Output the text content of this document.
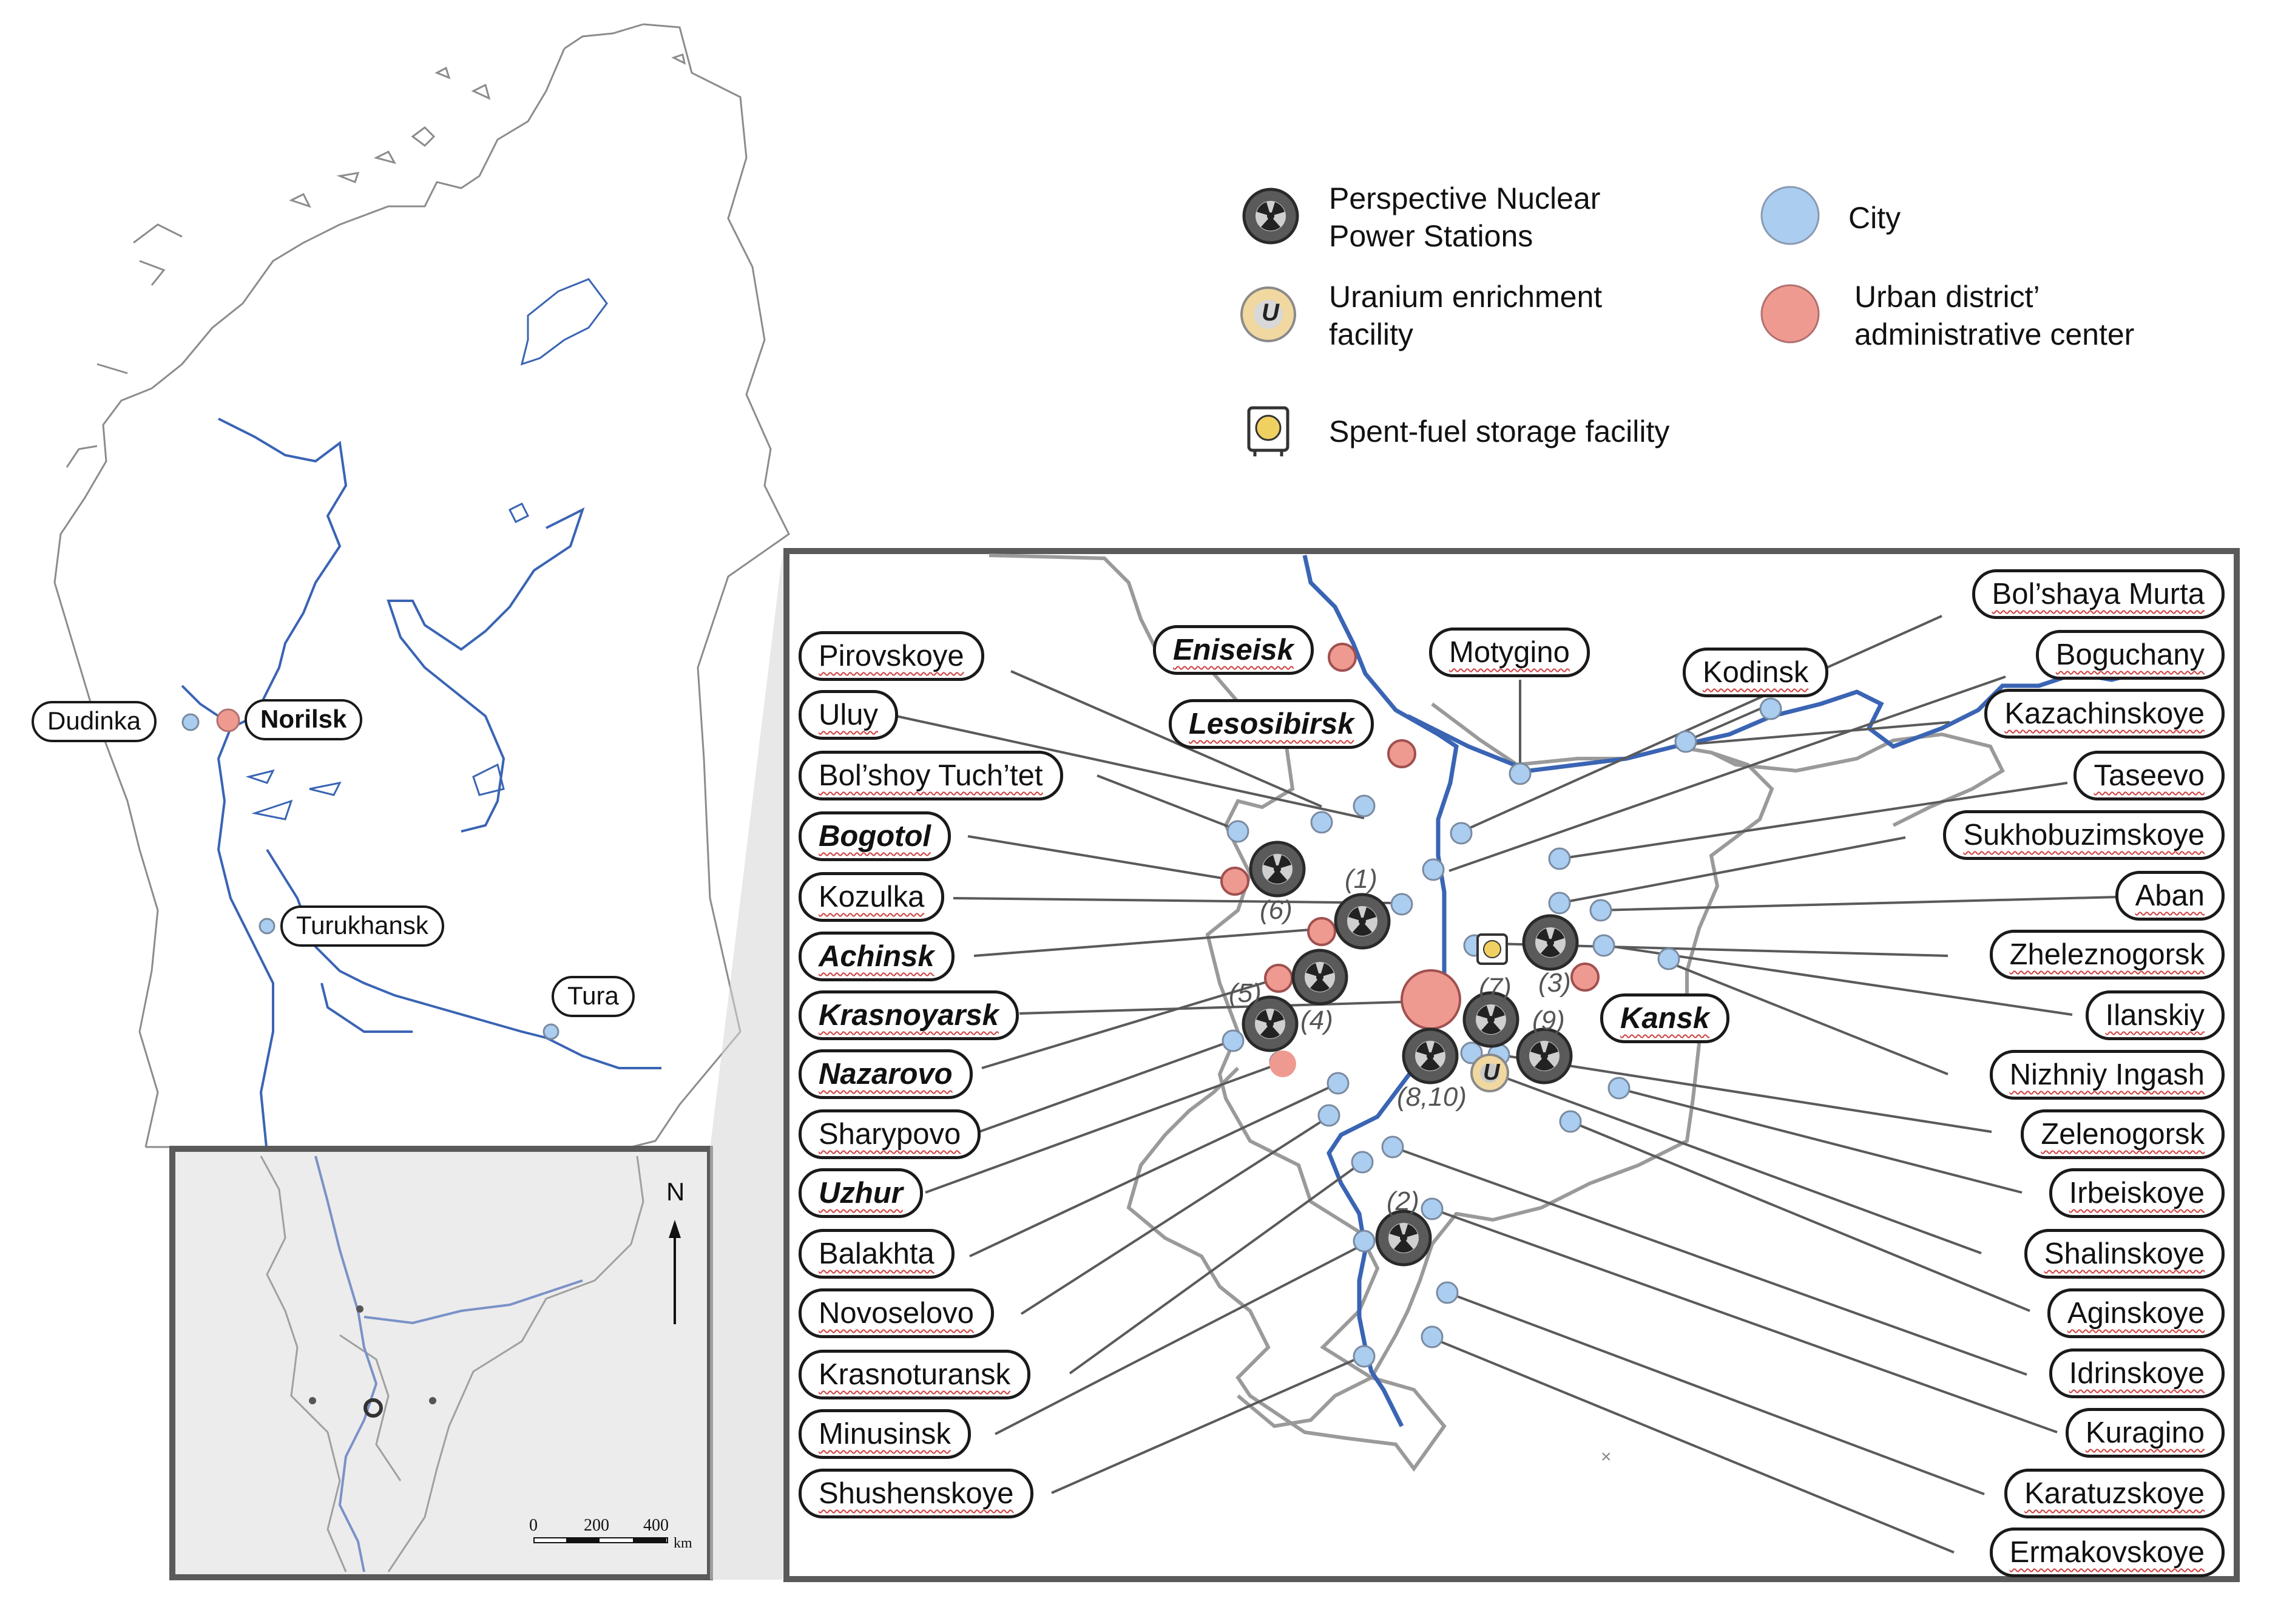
×
U
U
Perspective Nuclear Power Stations
Uranium enrichment facility
Spent-fuel storage facility
City
Urban district’ administrative center
Dudinka	Norilsk
Turukhansk
Tura
N
0	200 400
km
Pirovskoye
Uluy
Bol’shoy Tuch’tet
Bogotol
Kozulka
Achinsk
Krasnoyarsk
Nazarovo
Sharypovo
Uzhur
Balakhta
Novoselovo
Krasnoturansk
Minusinsk
Shushenskoye
Bol’shaya Murta
Boguchany
Kazachinskoye
Taseevo
Sukhobuzimskoye
Aban
Zheleznogorsk
Ilanskiy
Nizhniy Ingash
Zelenogorsk
Irbeiskoye
Shalinskoye
Aginskoye
Idrinskoye
Kuragino
Karatuzskoye
Ermakovskoye
Eniseisk
Lesosibirsk
Motygino
Kodinsk
Kansk
(1)
(6)
(5)
(4)
(7) (3)
(9)
(8,10)
(2)
